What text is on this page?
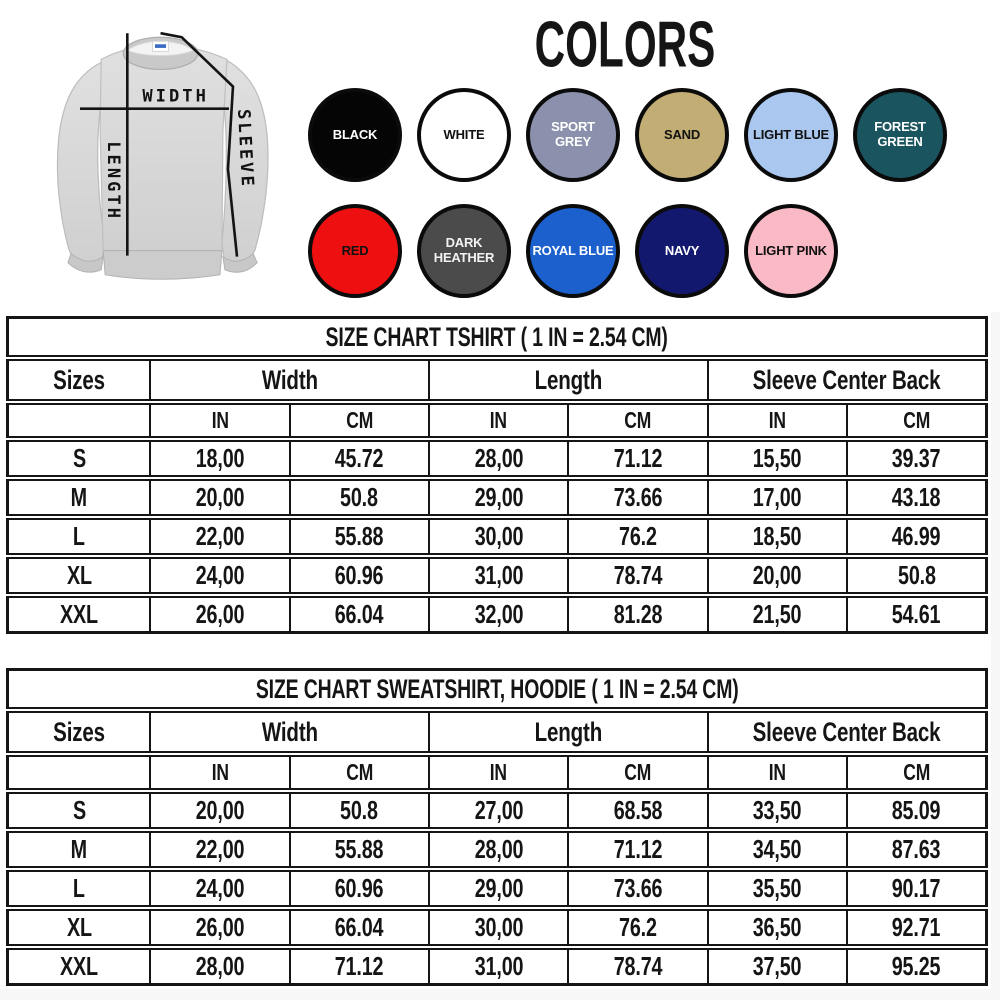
WIDTH
LENGTH	SLEEVE
COLORS
BLACK	WHITE	SPORT GREY	SAND	LIGHT BLUE	FOREST GREEN
RED	DARK HEATHER	ROYAL BLUE	NAVY	LIGHT PINK
SIZE CHART TSHIRT ( 1 IN = 2.54 CM)						
Sizes	Width		Length		Sleeve Center Back	
	IN	CM	IN	CM	IN	CM
S	18,00	45.72	28,00	71.12	15,50	39.37
M	20,00	50.8	29,00	73.66	17,00	43.18
L	22,00	55.88	30,00	76.2	18,50	46.99
XL	24,00	60.96	31,00	78.74	20,00	50.8
XXL	26,00	66.04	32,00	81.28	21,50	54.61
SIZE CHART SWEATSHIRT, HOODIE ( 1 IN = 2.54 CM)						
Sizes	Width		Length		Sleeve Center Back	
	IN	CM	IN	CM	IN	CM
S	20,00	50.8	27,00	68.58	33,50	85.09
M	22,00	55.88	28,00	71.12	34,50	87.63
L	24,00	60.96	29,00	73.66	35,50	90.17
XL	26,00	66.04	30,00	76.2	36,50	92.71
XXL	28,00	71.12	31,00	78.74	37,50	95.25
